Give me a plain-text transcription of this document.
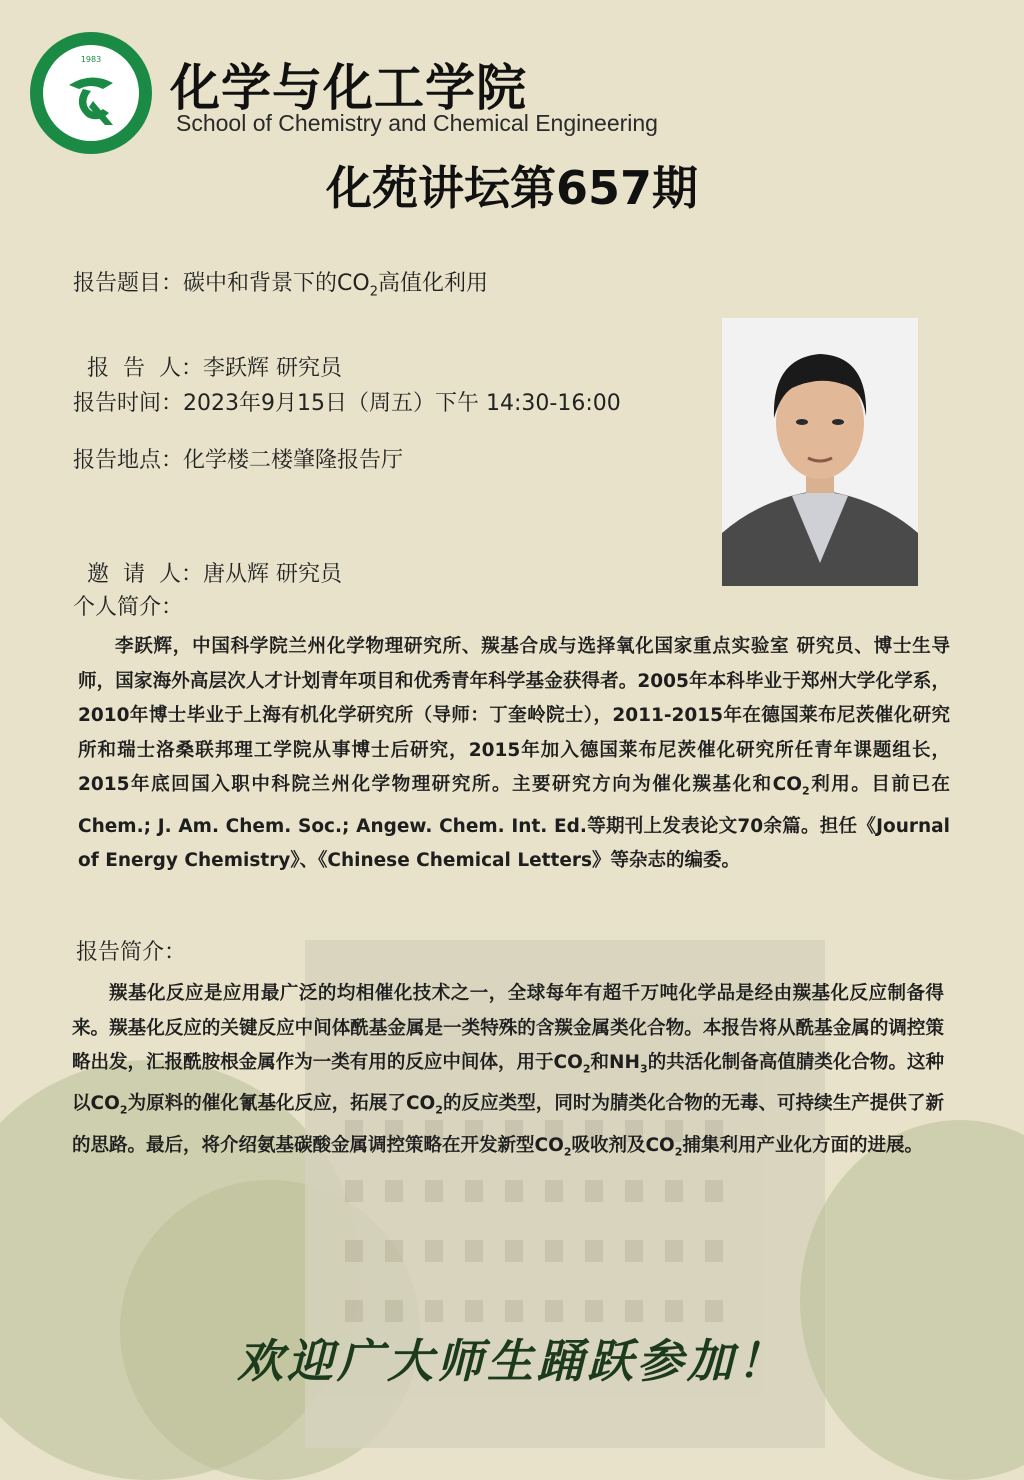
1983	化学与化工学院
School of Chemistry and Chemical Engineering
化苑讲坛第657期
报告题目：碳中和背景下的$CO_2$高值化利用

报  告  人：李跃辉 研究员

报告时间：2023年9月15日（周五）下午 14:30-16:00
报告地点：化学楼二楼肇隆报告厅

邀  请  人：唐从辉 研究员

个人简介：

李跃辉，中国科学院兰州化学物理研究所、羰基合成与选择氧化国家重点实验室 研究员、博士生导师，国家海外高层次人才计划青年项目和优秀青年科学基金获得者。2005年本科毕业于郑州大学化学系，2010年博士毕业于上海有机化学研究所（导师：丁奎岭院士），2011-2015年在德国莱布尼茨催化研究所和瑞士洛桑联邦理工学院从事博士后研究，2015年加入德国莱布尼茨催化研究所任青年课题组长，2015年底回国入职中科院兰州化学物理研究所。主要研究方向为催化羰基化和$CO_2$利用。目前已在Chem.; J. Am. Chem. Soc.; Angew. Chem. Int. Ed.等期刊上发表论文70余篇。担任《Journal of Energy Chemistry》、《Chinese Chemical Letters》等杂志的编委。

报告简介：

羰基化反应是应用最广泛的均相催化技术之一，全球每年有超千万吨化学品是经由羰基化反应制备得来。羰基化反应的关键反应中间体酰基金属是一类特殊的含羰金属类化合物。本报告将从酰基金属的调控策略出发，汇报酰胺根金属作为一类有用的反应中间体，用于$CO_2$和$NH_3$的共活化制备高值腈类化合物。这种以$CO_2$为原料的催化氰基化反应，拓展了$CO_2$的反应类型，同时为腈类化合物的无毒、可持续生产提供了新的思路。最后，将介绍氨基碳酸金属调控策略在开发新型$CO_2$吸收剂及$CO_2$捕集利用产业化方面的进展。

欢迎广大师生踊跃参加！
